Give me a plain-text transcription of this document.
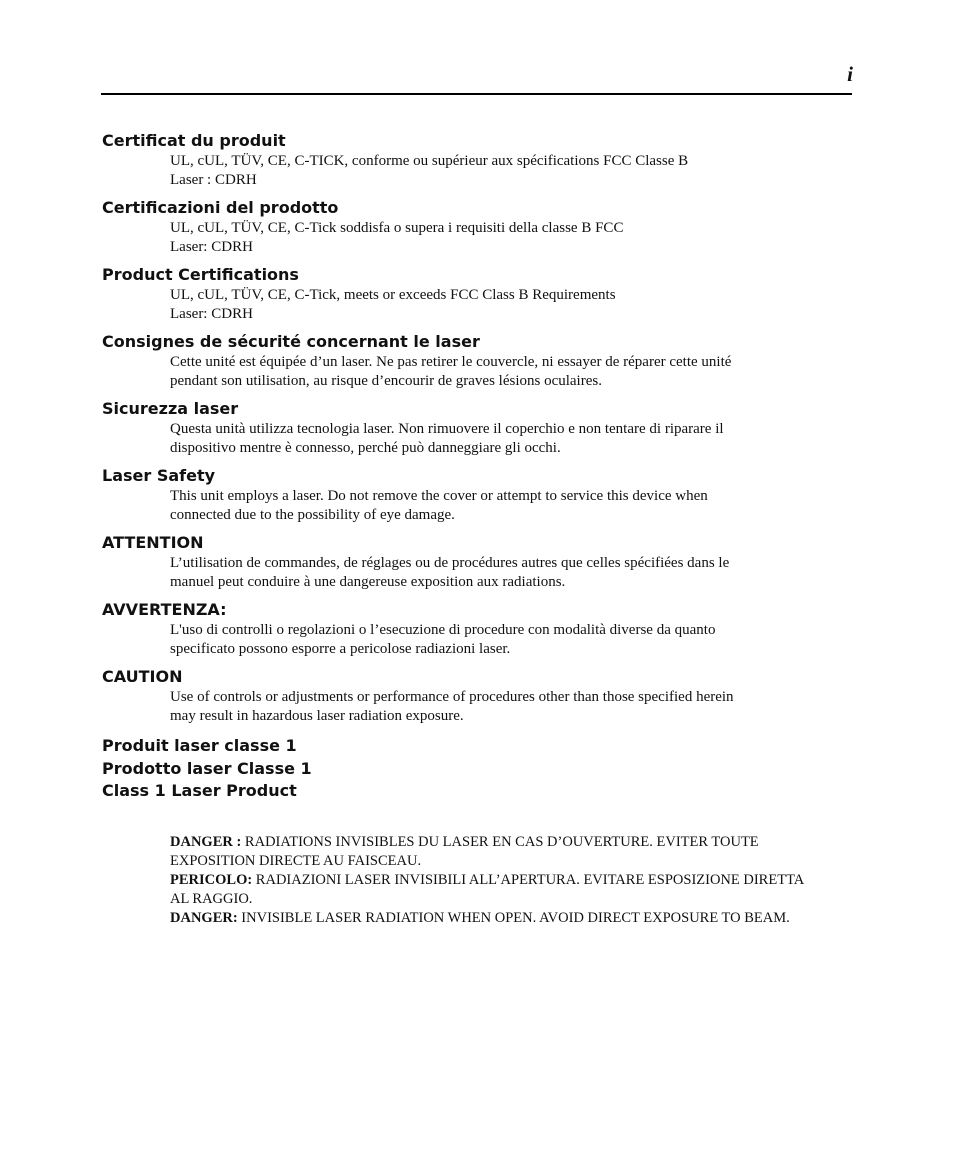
i
Certificat du produit
UL, cUL, TÜV, CE, C-TICK, conforme ou supérieur aux spécifications FCC Classe B
Laser : CDRH
Certificazioni del prodotto
UL, cUL, TÜV, CE, C-Tick soddisfa o supera i requisiti della classe B FCC
Laser: CDRH
Product Certifications
UL, cUL, TÜV, CE, C-Tick, meets or exceeds FCC Class B Requirements
Laser: CDRH
Consignes de sécurité concernant le laser
Cette unité est équipée d’un laser. Ne pas retirer le couvercle, ni essayer de réparer cette unité
pendant son utilisation, au risque d’encourir de graves lésions oculaires.
Sicurezza laser
Questa unità utilizza tecnologia laser. Non rimuovere il coperchio e non tentare di riparare il
dispositivo mentre è connesso, perché può danneggiare gli occhi.
Laser Safety
This unit employs a laser. Do not remove the cover or attempt to service this device when
connected due to the possibility of eye damage.
ATTENTION
L’utilisation de commandes, de réglages ou de procédures autres que celles spécifiées dans le
manuel peut conduire à une dangereuse exposition aux radiations.
AVVERTENZA:
L'uso di controlli o regolazioni o l’esecuzione di procedure con modalità diverse da quanto
specificato possono esporre a pericolose radiazioni laser.
CAUTION
Use of controls or adjustments or performance of procedures other than those specified herein
may result in hazardous laser radiation exposure.
Produit laser classe 1
Prodotto laser Classe 1
Class 1 Laser Product
DANGER : RADIATIONS INVISIBLES DU LASER EN CAS D’OUVERTURE. EVITER TOUTE
EXPOSITION DIRECTE AU FAISCEAU.
PERICOLO: RADIAZIONI LASER INVISIBILI ALL’APERTURA. EVITARE ESPOSIZIONE DIRETTA
AL RAGGIO.
DANGER: INVISIBLE LASER RADIATION WHEN OPEN. AVOID DIRECT EXPOSURE TO BEAM.
